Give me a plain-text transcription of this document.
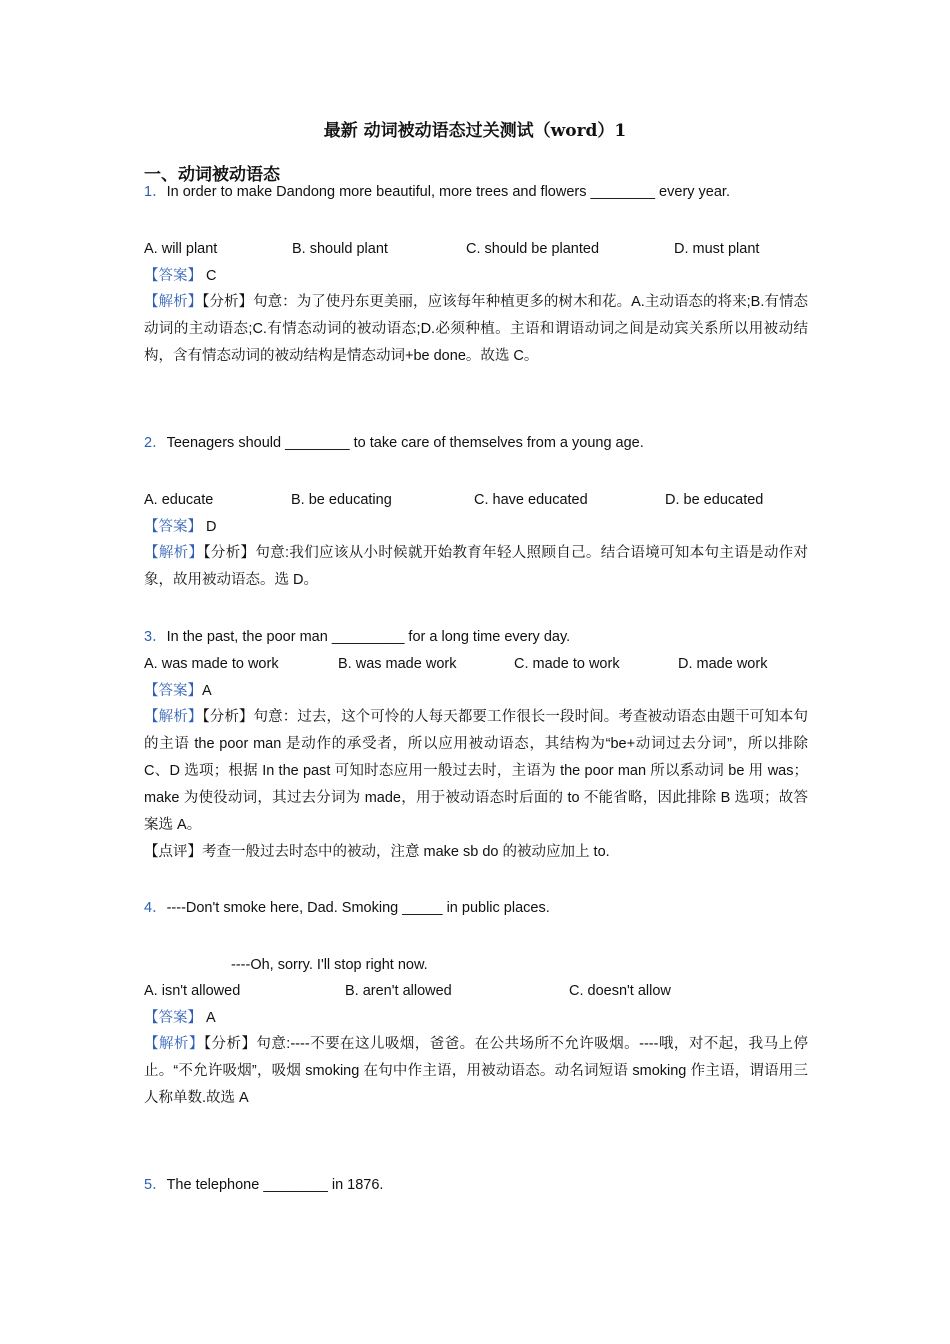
最新 动词被动语态过关测试（word）1
一、动词被动语态
1．In order to make Dandong more beautiful, more trees and flowers ________ every year.
A. will plant	B. should plant	C. should be planted	D. must plant
【答案】 C
【解析】【分析】句意：为了使丹东更美丽，应该每年种植更多的树木和花。A.主动语态的将来;B.有情态动词的主动语态;C.有情态动词的被动语态;D.必须种植。主语和谓语动词之间是动宾关系所以用被动结构，含有情态动词的被动结构是情态动词+be done。故选 C。
2．Teenagers should ________ to take care of themselves from a young age.
A. educate	B. be educating	C. have educated	D. be educated
【答案】 D
【解析】【分析】句意:我们应该从小时候就开始教育年轻人照顾自己。结合语境可知本句主语是动作对象，故用被动语态。选 D。
3．In the past, the poor man _________ for a long time every day.
A. was made to work	B. was made work	C. made to work	D. made work
【答案】A
【解析】【分析】句意：过去，这个可怜的人每天都要工作很长一段时间。考查被动语态由题干可知本句的主语 the poor man 是动作的承受者，所以应用被动语态，其结构为“be+动词过去分词”，所以排除 C、D 选项；根据 In the past 可知时态应用一般过去时，主语为 the poor man 所以系动词 be 用 was；make 为使役动词，其过去分词为 made，用于被动语态时后面的 to 不能省略，因此排除 B 选项；故答案选 A。
【点评】考查一般过去时态中的被动，注意 make sb do 的被动应加上 to.
4．----Don't smoke here, Dad. Smoking _____ in public places.
----Oh, sorry. I'll stop right now.
A. isn't allowed	B. aren't allowed	C. doesn't allow
【答案】 A
【解析】【分析】句意:----不要在这儿吸烟，爸爸。在公共场所不允许吸烟。----哦，对不起，我马上停止。“不允许吸烟”，吸烟 smoking 在句中作主语，用被动语态。动名词短语 smoking 作主语，谓语用三人称单数.故选 A
5．The telephone ________ in 1876.
